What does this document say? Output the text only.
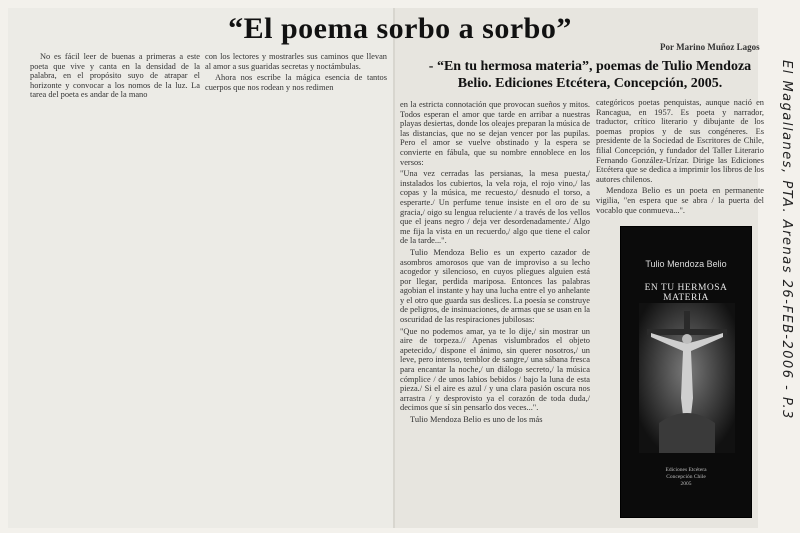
“El poema sorbo a sorbo”
Por Marino Muñoz Lagos
- “En tu hermosa materia”, poemas de Tulio Mendoza Belio. Ediciones Etcétera, Concepción, 2005.

No es fácil leer de buenas a primeras a este poeta que vive y canta en la densidad de la palabra, en el propósito suyo de atrapar el horizonte y convocar a los nomos de la luz. La tarea del poeta es andar de la mano

con los lectores y mostrarles sus caminos que llevan al amor a sus guaridas secretas y noctámbulas.

Ahora nos escribe la mágica esencia de tantos cuerpos que nos rodean y nos redimen

en la estricta connotación que provocan sueños y mitos. Todos esperan el amor que tarde en arribar a nuestras playas desiertas, donde los oleajes preparan la música de las distancias, que no se dejan vencer por las pupilas. Pero el amor se vuelve obstinado y la espera se convierte en fábula, que su nombre ennoblece en los versos:

"Una vez cerradas las persianas, la mesa puesta,/ instalados los cubiertos, la vela roja, el rojo vino,/ las copas y la música, me recuesto,/ desnudo el torso, a esperarte./ Un perfume tenue insiste en el oro de su gracia,/ oigo su lengua reluciente / a través de los vellos que el jeans negro / deja ver desordenadamente./ Algo me fija la vista en un recuerdo,/ algo que tiene el calor de la tarde...".

Tulio Mendoza Belio es un experto cazador de asombros amorosos que van de improviso a su lecho acogedor y silencioso, en cuyos pliegues alguien está por llegar, perdida mariposa. Entonces las palabras agobian el instante y hay una lucha entre el yo anhelante y el otro que guarda sus deslices. La poesía se construye de peligros, de insinuaciones, de armas que se usan en la oscuridad de las respiraciones jubilosas:

"Que no podemos amar, ya te lo dije,/ sin mostrar un aire de torpeza.// Apenas vislumbrados el objeto apetecido,/ dispone el ánimo, sin querer nosotros,/ un leve, pero intenso, temblor de sangre,/ una sábana fresca para encantar la noche,/ un diálogo secreto,/ la música cómplice / de unos labios bebidos / bajo la luna de esta pieza./ Si el aire es azul / y una clara pasión oscura nos arrastra / y desprovisto ya el corazón de toda duda,/ decimos que sí sin pensarlo dos veces...".

Tulio Mendoza Belio es uno de los más

categóricos poetas penquistas, aunque nació en Rancagua, en 1957. Es poeta y narrador, traductor, crítico literario y dibujante de los poemas propios y de sus congéneres. Es presidente de la Sociedad de Escritores de Chile, filial Concepción, y fundador del Taller Literario Fernando González-Urízar. Dirige las Ediciones Etcétera que se dedica a imprimir los libros de los autores chilenos.

Mendoza Belio es un poeta en permanente vigilia, "en espera que se abra / la puerta del vocablo que conmueva...".

Tulio Mendoza Belio
EN TU HERMOSA MATERIA
Ediciones Etcétera
Concepción Chile
2005
El Magallanes, PTA. Arenas 26-FEB-2006 - P.3
